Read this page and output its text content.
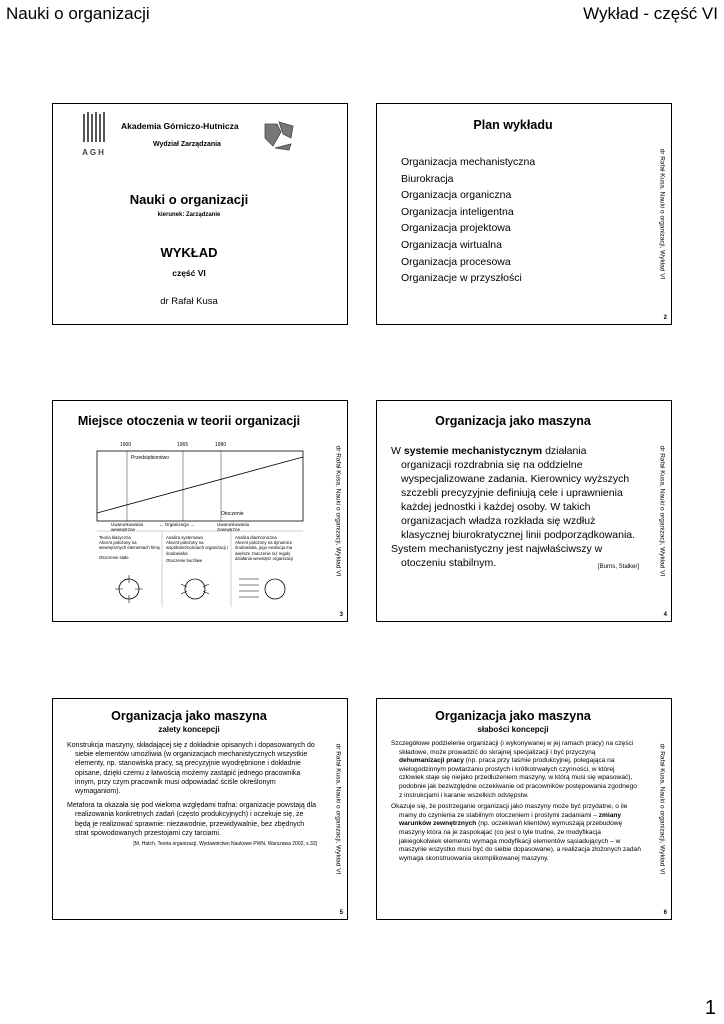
Nauki o organizacji	Wykład - część VI
AGH
Akademia Górniczo-Hutnicza
Wydział Zarządzania
Nauki o organizacji
kierunek: Zarządzanie
WYKŁAD
część VI
dr Rafał Kusa
Plan wykładu
Organizacja mechanistyczna
Biurokracja
Organizacja organiczna
Organizacja inteligentna
Organizacja projektowa
Organizacja wirtualna
Organizacja procesowa
Organizacje w przyszłości	dr Rafał Kusa, Nauki o organizacji, Wykład VI
2
Miejsce otoczenia w teorii organizacji
1900	1965	1990
Przedsiębiorstwo
Otoczenie
Uwarunkowania wewnętrzne
← Organizacja →	Uwarunkowania zewnętrzne
Teoria klasyczna
Akcent położony na wewnętrznych elementach firmy
Otoczenie stałe
Analiza systemowa
Akcent położony na współzależnościach organizacji i środowiska
Otoczenie burzliwe
Analiza diachroniczna
Akcent położony na dynamice środowiska, jego ewolucja ma większe znaczenie niż reguły działania wewnątrz organizacji	dr Rafał Kusa, Nauki o organizacji, Wykład VI
3
Organizacja jako maszyna

W systemie mechanistycznym działania organizacji rozdrabnia się na oddzielne wyspecjalizowane zadania. Kierownicy wyższych szczebli precyzyjnie definiują cele i uprawnienia każdej jednostki i każdej osoby. W takich organizacjach władza rozkłada się wzdłuż klasycznej biurokratycznej linii podporządkowania.

System mechanistyczny jest najwłaściwszy w otoczeniu stabilnym.	[Burns, Stalker]	dr Rafał Kusa, Nauki o organizacji, Wykład VI
4
Organizacja jako maszyna
zalety koncepcji

Konstrukcja maszyny, składającej się z dokładnie opisanych i dopasowanych do siebie elementów umożliwia (w organizacjach mechanistycznych wszystkie elementy, np. stanowiska pracy, są precyzyjnie wyodrębnione i dokładnie opisane, dzięki czemu z łatwością możemy zastąpić jednego pracownika innym, przy czym pracownik musi odpowiadać ściśle określonym wymaganiom).

Metafora ta okazała się pod wieloma względami trafna: organizacje powstają dla realizowania konkretnych zadań (często produkcyjnych) i oczekuje się, że będą je realizować sprawnie: niezawodnie, przewidywalnie, bez zbędnych strat spowodowanych przestojami czy tarciami.

[M. Hatch, Teoria organizacji, Wydawnictwo Naukowe PWN, Warszawa 2002, s.32]	dr Rafał Kusa, Nauki o organizacji, Wykład VI
5
Organizacja jako maszyna
słabości koncepcji

Szczegółowe podzielenie organizacji (i wykonywanej w jej ramach pracy) na części składowe, może prowadzić do skrajnej specjalizacji i być przyczyną dehumanizacji pracy (np. praca przy taśmie produkcyjnej, polegająca na wielogodzinnym powtarzaniu prostych i krótkotrwałych czynności, w której człowiek staje się niejako przedłużeniem maszyny, w którą musi się wpasować), podobnie jak bezwzględne oczekiwanie od pracowników postępowania zgodnego z instrukcjami i karanie wszelkich odstępstw.

Okazuje się, że postrzeganie organizacji jako maszyny może być przydatne, o ile mamy do czynienia ze stabilnym otoczeniem i prostymi zadaniami – zmiany warunków zewnętrznych (np. oczekiwań klientów) wymuszają przebudowę maszyny która na je zaspokajać (co jest o tyle trudne, że modyfikacja jakiegokolwiek elementu wymaga modyfikacji elementów sąsiadujących – w maszynie wszystko musi być do siebie dopasowane), a realizacja złożonych zadań wymaga skonstruowania skomplikowanej maszyny.	dr Rafał Kusa, Nauki o organizacji, Wykład VI
6
1
